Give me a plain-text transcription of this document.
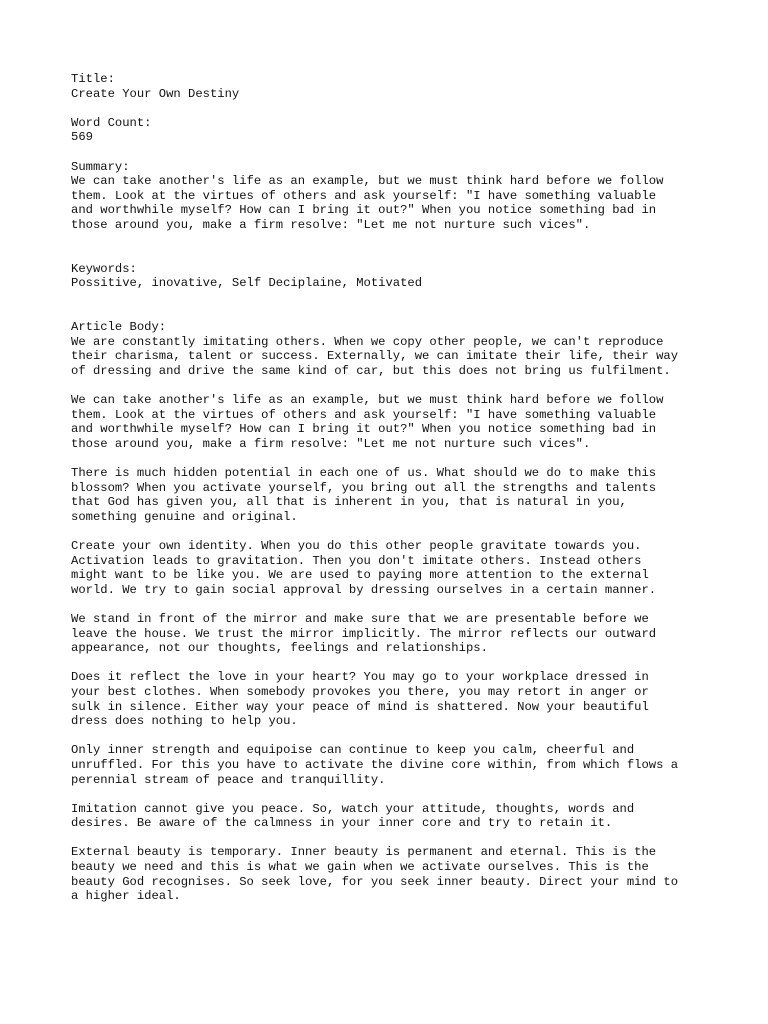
Title:
Create Your Own Destiny
Word Count:
569
Summary:
We can take another's life as an example, but we must think hard before we follow
them. Look at the virtues of others and ask yourself: "I have something valuable
and worthwhile myself? How can I bring it out?" When you notice something bad in
those around you, make a firm resolve: "Let me not nurture such vices".
Keywords:
Possitive, inovative, Self Deciplaine, Motivated
Article Body:
We are constantly imitating others. When we copy other people, we can't reproduce
their charisma, talent or success. Externally, we can imitate their life, their way
of dressing and drive the same kind of car, but this does not bring us fulfilment.
We can take another's life as an example, but we must think hard before we follow
them. Look at the virtues of others and ask yourself: "I have something valuable
and worthwhile myself? How can I bring it out?" When you notice something bad in
those around you, make a firm resolve: "Let me not nurture such vices".
There is much hidden potential in each one of us. What should we do to make this
blossom? When you activate yourself, you bring out all the strengths and talents
that God has given you, all that is inherent in you, that is natural in you,
something genuine and original.
Create your own identity. When you do this other people gravitate towards you.
Activation leads to gravitation. Then you don't imitate others. Instead others
might want to be like you. We are used to paying more attention to the external
world. We try to gain social approval by dressing ourselves in a certain manner.
We stand in front of the mirror and make sure that we are presentable before we
leave the house. We trust the mirror implicitly. The mirror reflects our outward
appearance, not our thoughts, feelings and relationships.
Does it reflect the love in your heart? You may go to your workplace dressed in
your best clothes. When somebody provokes you there, you may retort in anger or
sulk in silence. Either way your peace of mind is shattered. Now your beautiful
dress does nothing to help you.
Only inner strength and equipoise can continue to keep you calm, cheerful and
unruffled. For this you have to activate the divine core within, from which flows a
perennial stream of peace and tranquillity.
Imitation cannot give you peace. So, watch your attitude, thoughts, words and
desires. Be aware of the calmness in your inner core and try to retain it.
External beauty is temporary. Inner beauty is permanent and eternal. This is the
beauty we need and this is what we gain when we activate ourselves. This is the
beauty God recognises. So seek love, for you seek inner beauty. Direct your mind to
a higher ideal.
